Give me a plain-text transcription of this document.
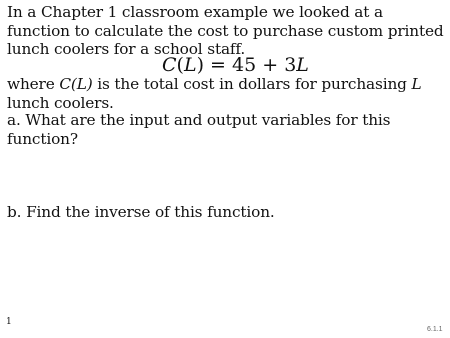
In a Chapter 1 classroom example we looked at a function to calculate the cost to purchase custom printed lunch coolers for a school staff.
C(L) = 45 + 3L
where C(L) is the total cost in dollars for purchasing L lunch coolers.
a. What are the input and output variables for this function?
b. Find the inverse of this function.
1
6.1.1
